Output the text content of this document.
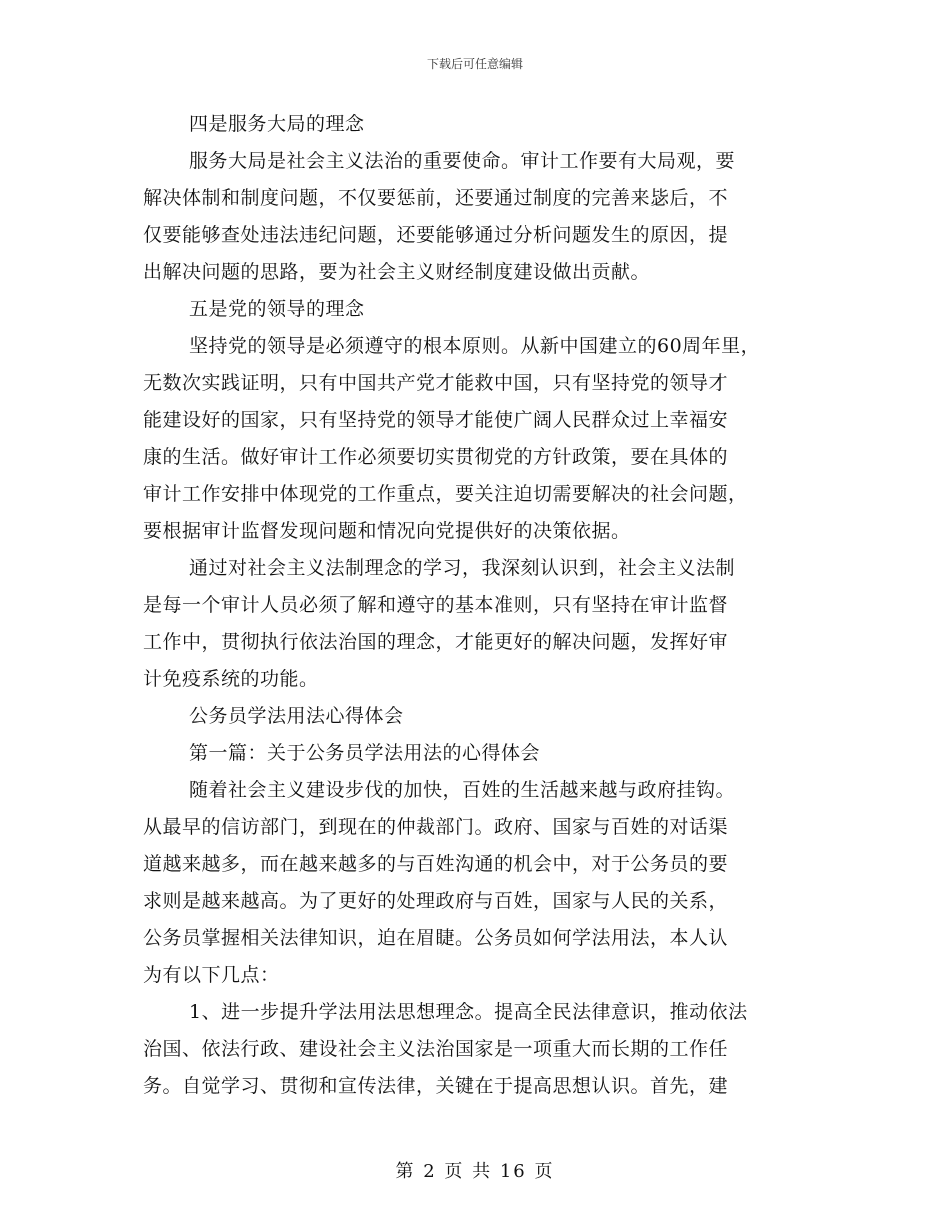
下载后可任意编辑
四是服务大局的理念
服务大局是社会主义法治的重要使命。审计工作要有大局观，要
解决体制和制度问题，不仅要惩前，还要通过制度的完善来毖后，不
仅要能够查处违法违纪问题，还要能够通过分析问题发生的原因，提
出解决问题的思路，要为社会主义财经制度建设做出贡献。
五是党的领导的理念
坚持党的领导是必须遵守的根本原则。从新中国建立的60周年里，
无数次实践证明，只有中国共产党才能救中国，只有坚持党的领导才
能建设好的国家，只有坚持党的领导才能使广阔人民群众过上幸福安
康的生活。做好审计工作必须要切实贯彻党的方针政策，要在具体的
审计工作安排中体现党的工作重点，要关注迫切需要解决的社会问题，
要根据审计监督发现问题和情况向党提供好的决策依据。
通过对社会主义法制理念的学习，我深刻认识到，社会主义法制
是每一个审计人员必须了解和遵守的基本准则，只有坚持在审计监督
工作中，贯彻执行依法治国的理念，才能更好的解决问题，发挥好审
计免疫系统的功能。
公务员学法用法心得体会
第一篇：关于公务员学法用法的心得体会
随着社会主义建设步伐的加快，百姓的生活越来越与政府挂钩。
从最早的信访部门，到现在的仲裁部门。政府、国家与百姓的对话渠
道越来越多，而在越来越多的与百姓沟通的机会中，对于公务员的要
求则是越来越高。为了更好的处理政府与百姓，国家与人民的关系，
公务员掌握相关法律知识，迫在眉睫。公务员如何学法用法，本人认
为有以下几点：
1、进一步提升学法用法思想理念。提高全民法律意识，推动依法
治国、依法行政、建设社会主义法治国家是一项重大而长期的工作任
务。自觉学习、贯彻和宣传法律，关键在于提高思想认识。首先，建
第 2 页 共 16 页
